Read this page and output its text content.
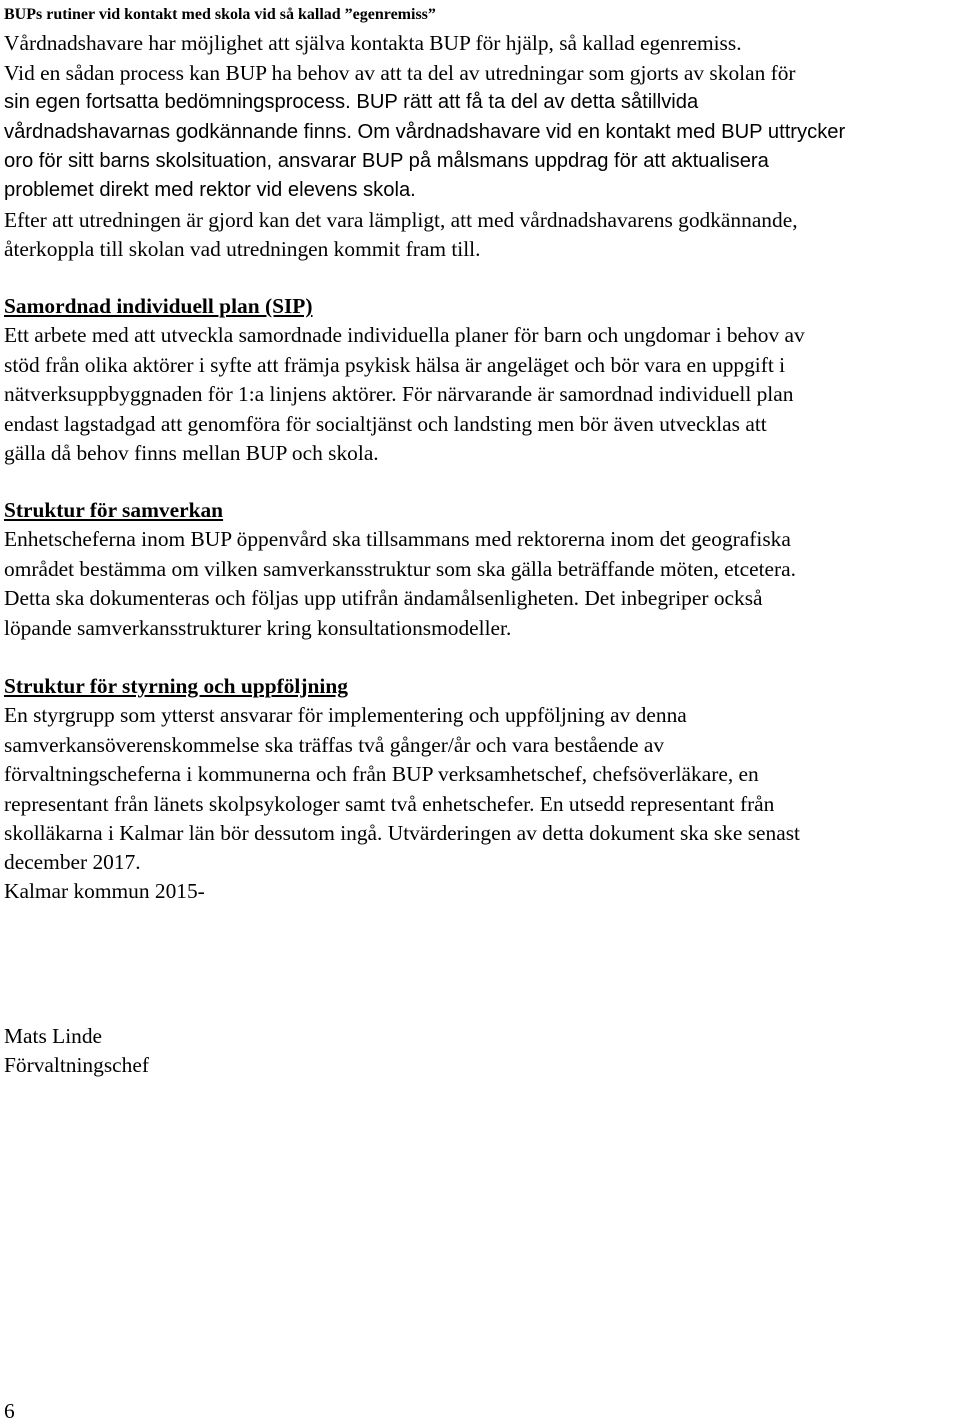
BUPs rutiner vid kontakt med skola vid så kallad ”egenremiss”
Vårdnadshavare har möjlighet att själva kontakta BUP för hjälp, så kallad egenremiss.
Vid en sådan process kan BUP ha behov av att ta del av utredningar som gjorts av skolan för
sin egen fortsatta bedömningsprocess. BUP rätt att få ta del av detta såtillvida
vårdnadshavarnas godkännande finns. Om vårdnadshavare vid en kontakt med BUP uttrycker
oro för sitt barns skolsituation, ansvarar BUP på målsmans uppdrag för att aktualisera
problemet direkt med rektor vid elevens skola.
Efter att utredningen är gjord kan det vara lämpligt, att med vårdnadshavarens godkännande,
återkoppla till skolan vad utredningen kommit fram till.
Samordnad individuell plan (SIP)
Ett arbete med att utveckla samordnade individuella planer för barn och ungdomar i behov av
stöd från olika aktörer i syfte att främja psykisk hälsa är angeläget och bör vara en uppgift i
nätverksuppbyggnaden för 1:a linjens aktörer. För närvarande är samordnad individuell plan
endast lagstadgad att genomföra för socialtjänst och landsting men bör även utvecklas att
gälla då behov finns mellan BUP och skola.
Struktur för samverkan
Enhetscheferna inom BUP öppenvård ska tillsammans med rektorerna inom det geografiska
området bestämma om vilken samverkansstruktur som ska gälla beträffande möten, etcetera.
Detta ska dokumenteras och följas upp utifrån ändamålsenligheten. Det inbegriper också
löpande samverkansstrukturer kring konsultationsmodeller.
Struktur för styrning och uppföljning
En styrgrupp som ytterst ansvarar för implementering och uppföljning av denna
samverkansöverenskommelse ska träffas två gånger/år och vara bestående av
förvaltningscheferna i kommunerna och från BUP verksamhetschef, chefsöverläkare, en
representant från länets skolpsykologer samt två enhetschefer. En utsedd representant från
skolläkarna i Kalmar län bör dessutom ingå. Utvärderingen av detta dokument ska ske senast
december 2017.
Kalmar kommun 2015-
Mats Linde
Förvaltningschef
6
